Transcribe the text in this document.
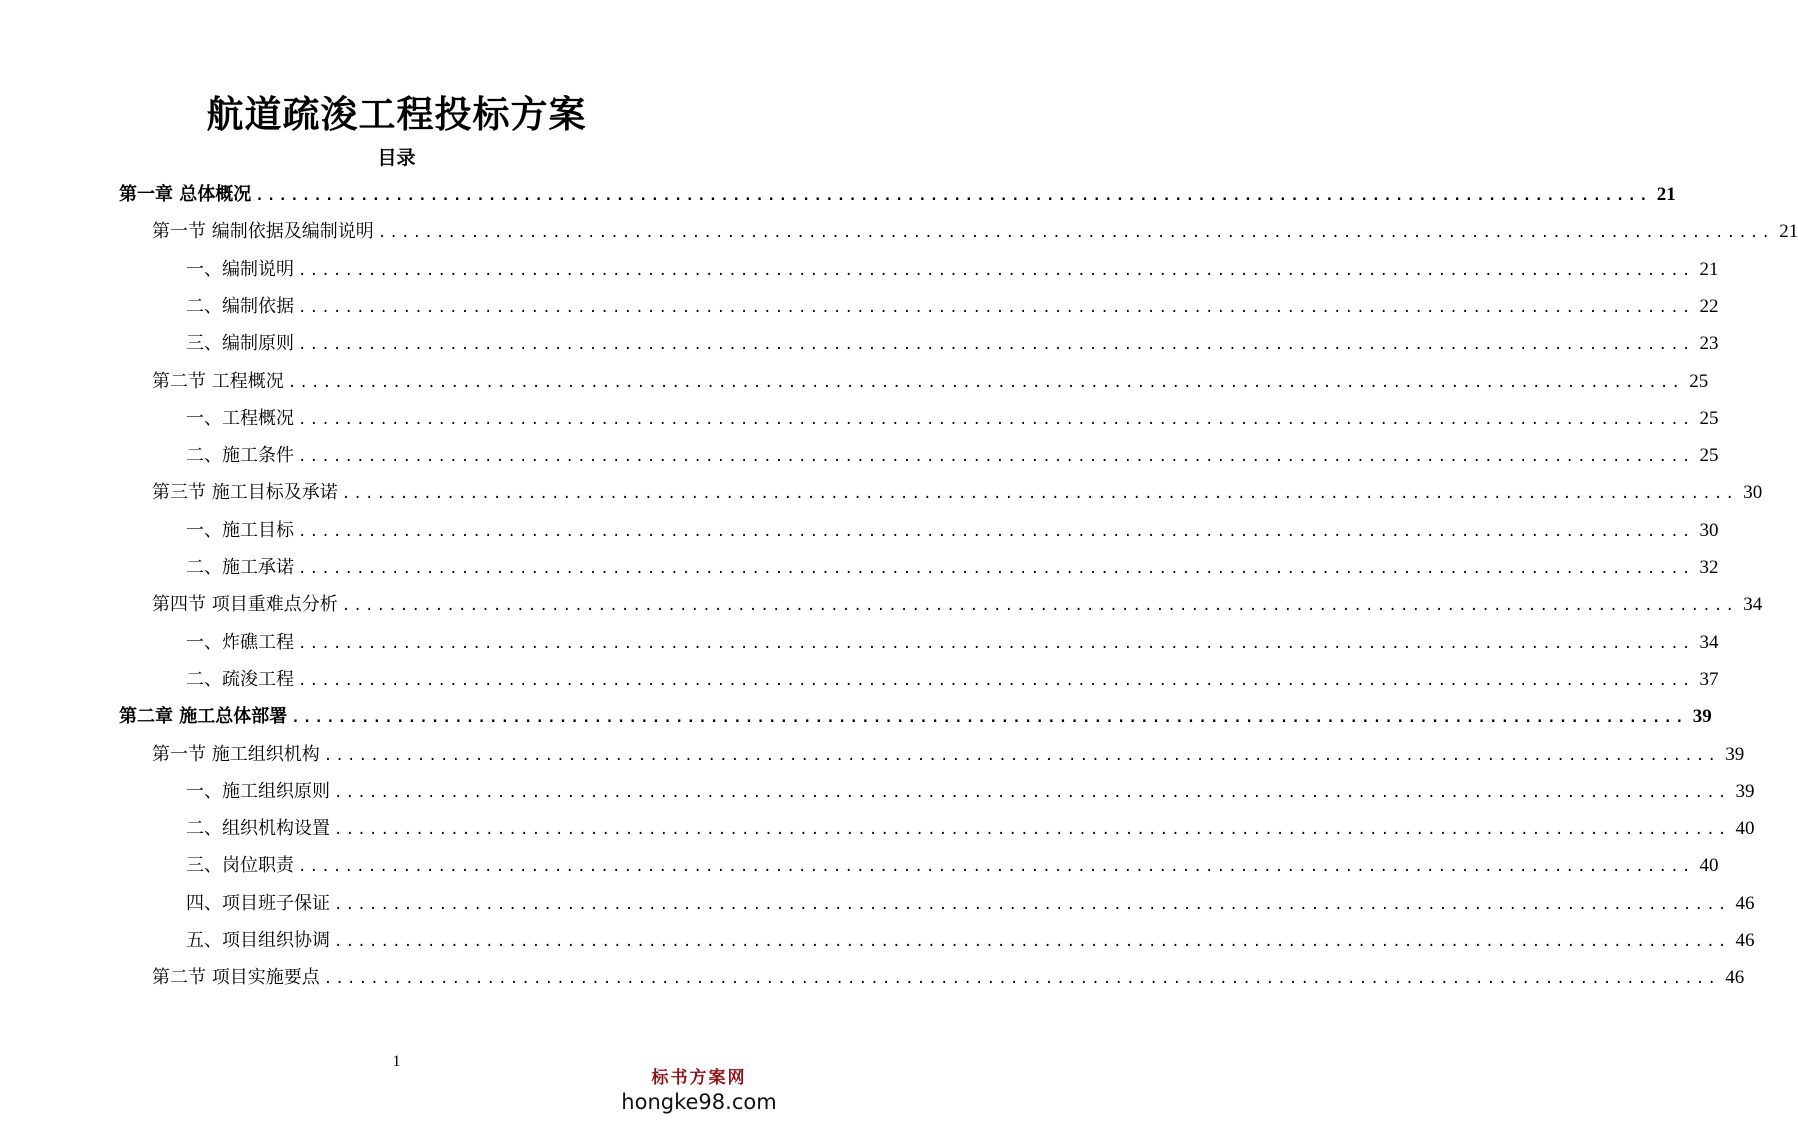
航道疏浚工程投标方案
目录
第一章 总体概况 ........................................................................................................................ 21
第一节 编制依据及编制说明 ........................................................................................................................ 21
一、编制说明 ........................................................................................................................ 21
二、编制依据 ........................................................................................................................ 22
三、编制原则 ........................................................................................................................ 23
第二节 工程概况 ........................................................................................................................ 25
一、工程概况 ........................................................................................................................ 25
二、施工条件 ........................................................................................................................ 25
第三节 施工目标及承诺 ........................................................................................................................ 30
一、施工目标 ........................................................................................................................ 30
二、施工承诺 ........................................................................................................................ 32
第四节 项目重难点分析 ........................................................................................................................ 34
一、炸礁工程 ........................................................................................................................ 34
二、疏浚工程 ........................................................................................................................ 37
第二章 施工总体部署 ........................................................................................................................ 39
第一节 施工组织机构 ........................................................................................................................ 39
一、施工组织原则 ........................................................................................................................ 39
二、组织机构设置 ........................................................................................................................ 40
三、岗位职责 ........................................................................................................................ 40
四、项目班子保证 ........................................................................................................................ 46
五、项目组织协调 ........................................................................................................................ 46
第二节 项目实施要点 ........................................................................................................................ 46
1
标书方案网
hongke98.com
